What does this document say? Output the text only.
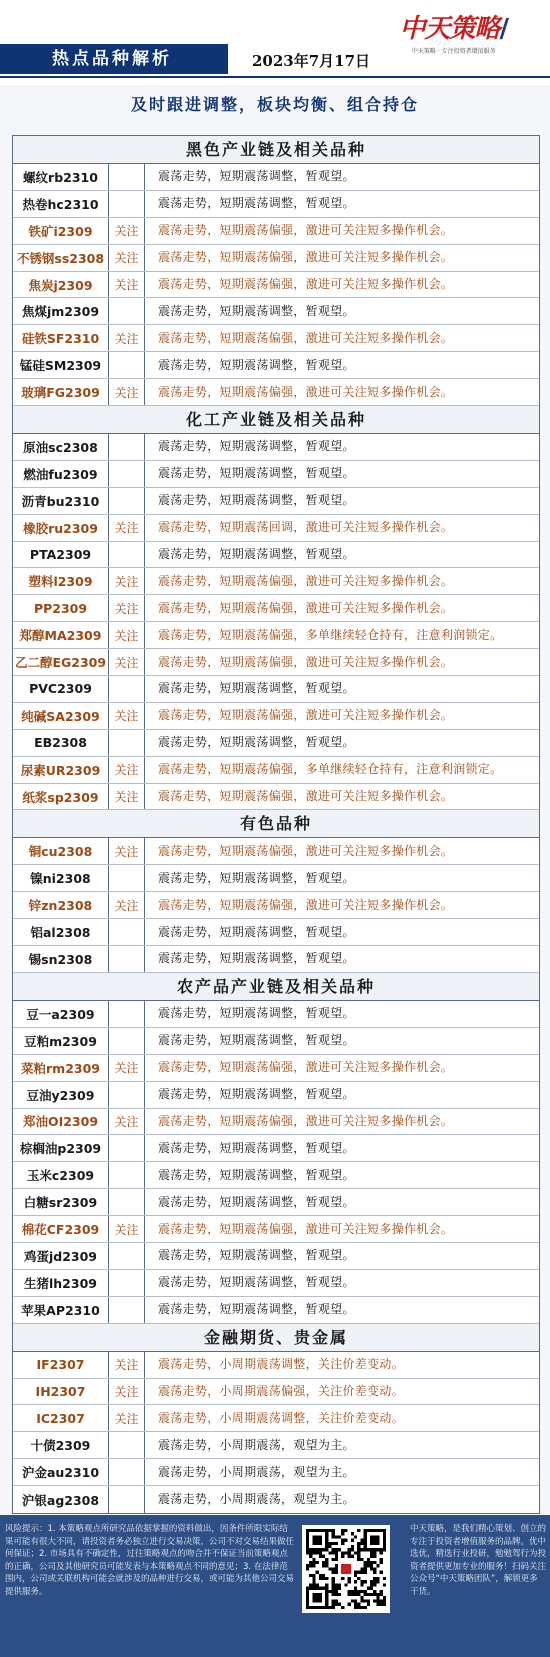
热点品种解析	2023年7月17日
中天策略/
中天策略 · 专注投资者增值服务
及时跟进调整，板块均衡、组合持仓
黑色产业链及相关品种
螺纹rb2310	震荡走势，短期震荡调整，暂观望。
热卷hc2310	震荡走势，短期震荡调整，暂观望。
铁矿i2309	关注	震荡走势，短期震荡偏强，激进可关注短多操作机会。
不锈钢ss2308 关注	震荡走势，短期震荡偏强，激进可关注短多操作机会。
焦炭j2309	关注	震荡走势，短期震荡偏强，激进可关注短多操作机会。
焦煤jm2309	震荡走势，短期震荡调整，暂观望。
硅铁SF2310	关注	震荡走势，短期震荡偏强，激进可关注短多操作机会。
锰硅SM2309	震荡走势，短期震荡调整，暂观望。
玻璃FG2309	关注	震荡走势，短期震荡偏强，激进可关注短多操作机会。
化工产业链及相关品种
原油sc2308	震荡走势，短期震荡调整，暂观望。
燃油fu2309	震荡走势，短期震荡调整，暂观望。
沥青bu2310	震荡走势，短期震荡调整，暂观望。
橡胶ru2309	关注	震荡走势，短期震荡回调，激进可关注短多操作机会。
PTA2309	震荡走势，短期震荡调整，暂观望。
塑料l2309	关注	震荡走势，短期震荡偏强，激进可关注短多操作机会。
PP2309	关注	震荡走势，短期震荡偏强，激进可关注短多操作机会。
郑醇MA2309	关注	震荡走势，短期震荡偏强，多单继续轻仓持有，注意利润锁定。
乙二醇EG2309 关注	震荡走势，短期震荡偏强，激进可关注短多操作机会。
PVC2309	震荡走势，短期震荡调整，暂观望。
纯碱SA2309	关注	震荡走势，短期震荡偏强，激进可关注短多操作机会。
EB2308	震荡走势，短期震荡调整，暂观望。
尿素UR2309	关注	震荡走势，短期震荡偏强，多单继续轻仓持有，注意利润锁定。
纸浆sp2309	关注	震荡走势，短期震荡偏强，激进可关注短多操作机会。
有色品种
铜cu2308	关注	震荡走势，短期震荡偏强，激进可关注短多操作机会。
镍ni2308	震荡走势，短期震荡调整，暂观望。
锌zn2308	关注	震荡走势，短期震荡偏强，激进可关注短多操作机会。
铝al2308	震荡走势，短期震荡调整，暂观望。
锡sn2308	震荡走势，短期震荡调整，暂观望。
农产品产业链及相关品种
豆一a2309	震荡走势，短期震荡调整，暂观望。
豆粕m2309	震荡走势，短期震荡调整，暂观望。
菜粕rm2309	关注	震荡走势，短期震荡偏强，激进可关注短多操作机会。
豆油y2309	震荡走势，短期震荡调整，暂观望。
郑油OI2309	关注	震荡走势，短期震荡偏强，激进可关注短多操作机会。
棕榈油p2309	震荡走势，短期震荡调整，暂观望。
玉米c2309	震荡走势，短期震荡调整，暂观望。
白糖sr2309	震荡走势，短期震荡调整，暂观望。
棉花CF2309	关注	震荡走势，短期震荡偏强，激进可关注短多操作机会。
鸡蛋jd2309	震荡走势，短期震荡调整，暂观望。
生猪lh2309	震荡走势，短期震荡调整，暂观望。
苹果AP2310	震荡走势，短期震荡调整，暂观望。
金融期货、贵金属
IF2307	关注	震荡走势，小周期震荡调整，关注价差变动。
IH2307	关注	震荡走势，小周期震荡偏强，关注价差变动。
IC2307	关注	震荡走势，小周期震荡调整，关注价差变动。
十债2309	震荡走势，小周期震荡，观望为主。
沪金au2310	震荡走势，小周期震荡，观望为主。
沪银ag2308	震荡走势，小周期震荡，观望为主。
风险提示：1. 本策略观点所研究品依据掌握的资料做出，因条件所限实际结果可能有很大不同，请投资者务必独立进行交易决策，公司不对交易结果做任何保证；2. 市场具有不确定性，过往策略观点的吻合并不保证当前策略观点的正确，公司及其他研究员可能发表与本策略观点不同的意见；3. 在法律范围内，公司或关联机构可能会就涉及的品种进行交易，或可能为其他公司交易提供服务。
中天策略，是我们精心策划、创立的专注于投资者增值服务的品牌。优中选优，精选行业投研，勉勉驾行为投资者提供更加专业的服务！扫码关注公众号“中天策略团队”，解锁更多干货。
